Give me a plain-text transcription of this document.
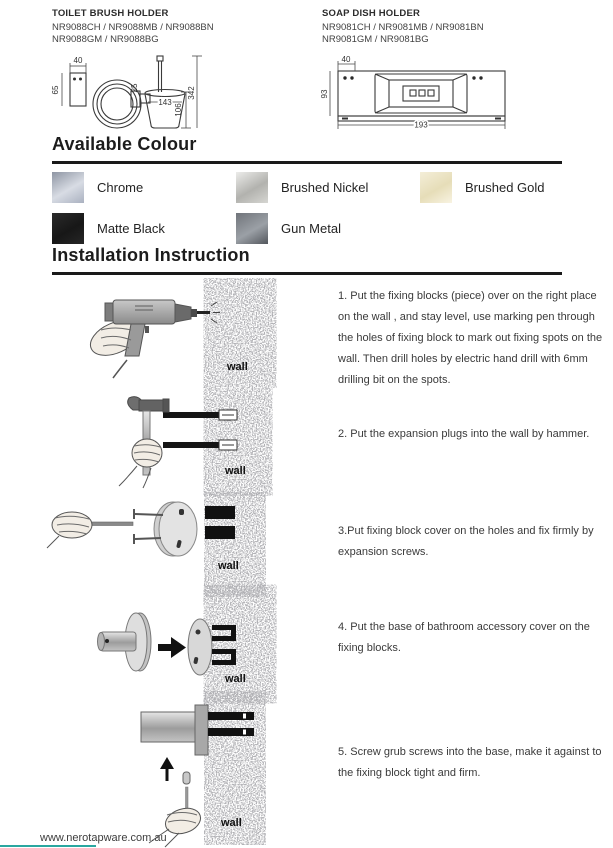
TOILET BRUSH HOLDER
NR9088CH / NR9088MB / NR9088BN
NR9088GM / NR9088BG
SOAP DISH HOLDER
NR9081CH / NR9081MB / NR9081BN
NR9081GM / NR9081BG
40
65	25
143
106
342
40
93
193
Available Colour
Chrome	Brushed Nickel	Brushed Gold
Matte Black	Gun Metal
Installation Instruction
wall
1. Put the fixing blocks (piece) over on the right place on the wall , and stay level, use marking pen through the holes of fixing block to mark out fixing spots on the wall. Then drill holes by electric hand drill with 6mm drilling bit on the spots.
wall
2. Put the expansion plugs into the wall by hammer.
wall
3.Put fixing block cover on the holes and fix firmly by expansion screws.
wall
4. Put the base of bathroom accessory cover on the fixing blocks.
wall
5. Screw grub screws into the base, make it against to the fixing block tight and firm.
www.nerotapware.com.au
